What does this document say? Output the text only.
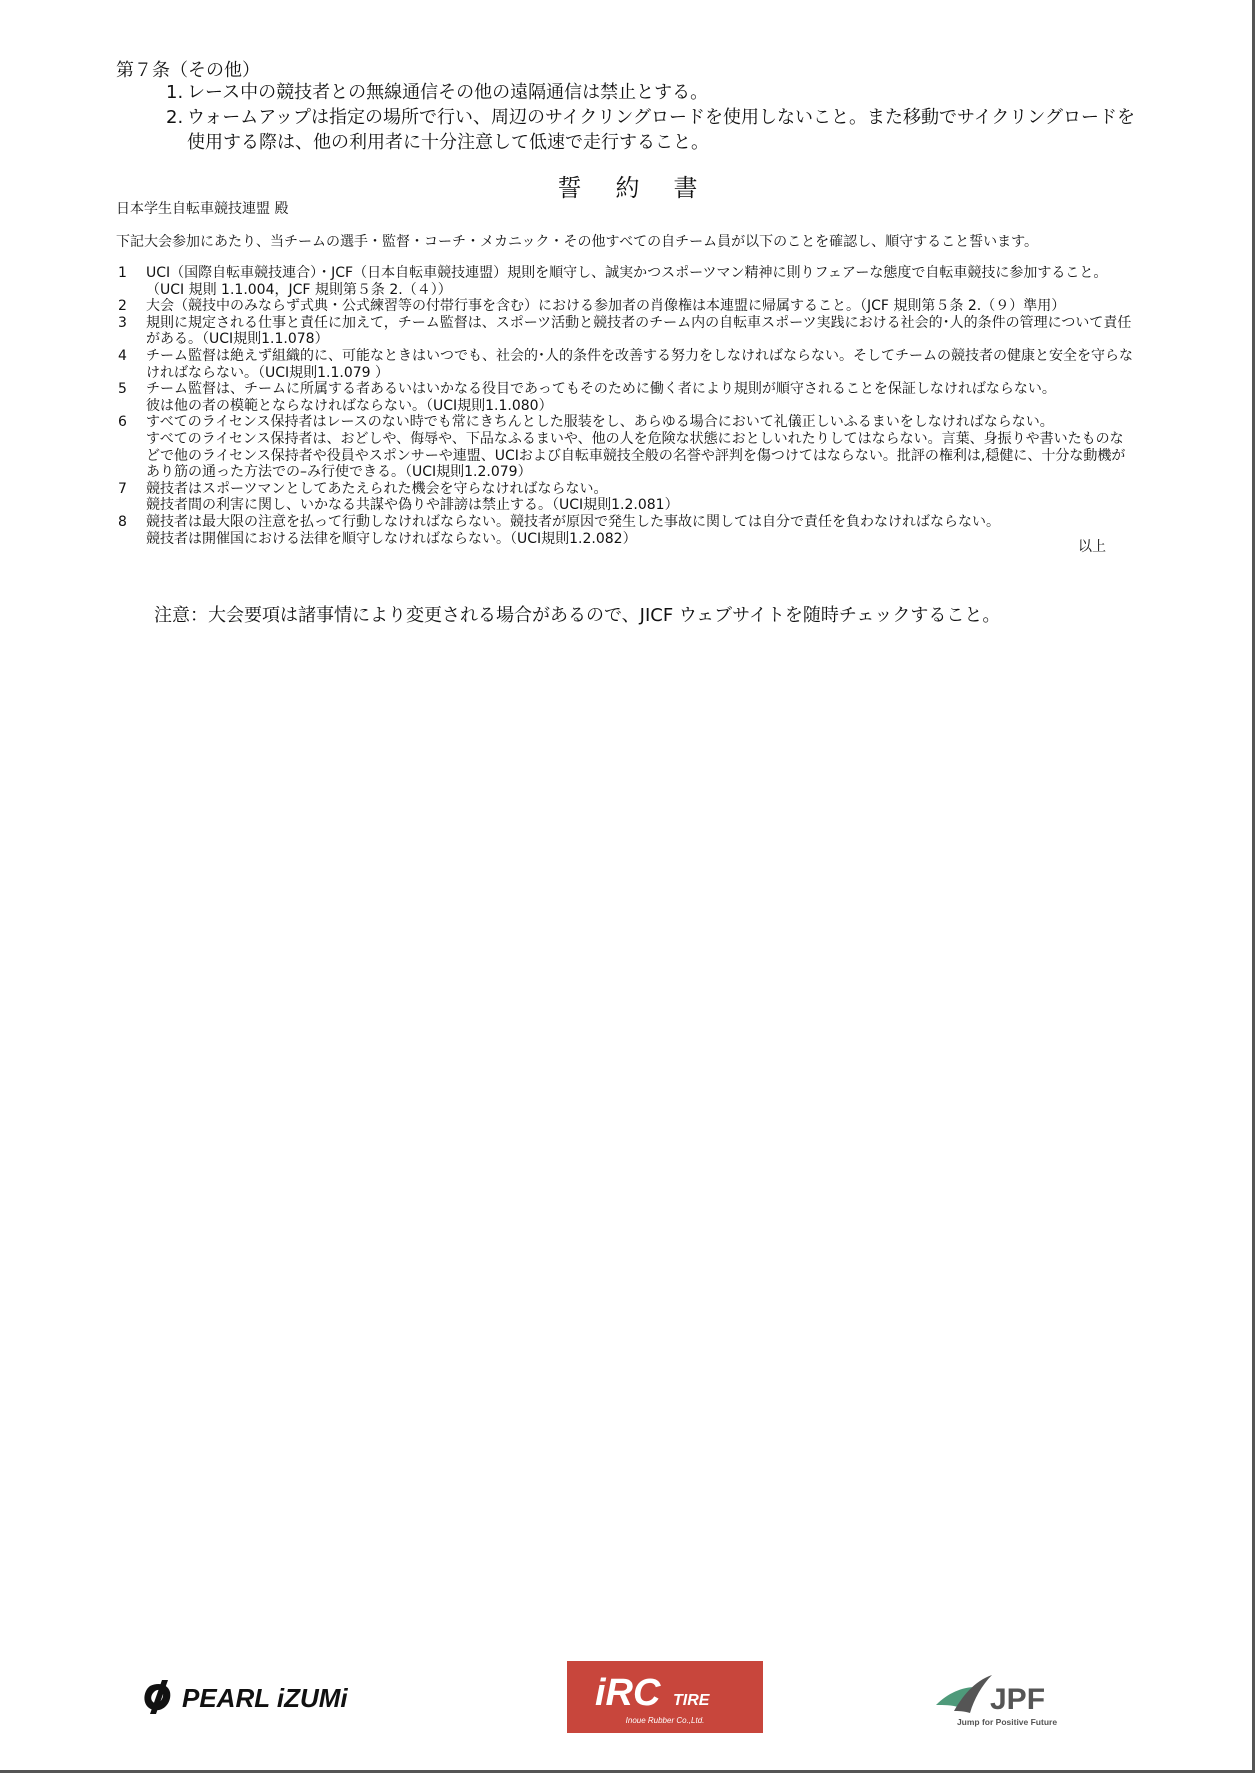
第７条（その他）
1. レース中の競技者との無線通信その他の遠隔通信は禁止とする。
2. ウォームアップは指定の場所で行い、周辺のサイクリングロードを使用しないこと。また移動でサイクリングロードを使用する際は、他の利用者に十分注意して低速で走行すること。
誓約書
日本学生自転車競技連盟 殿
下記大会参加にあたり、当チームの選手・監督・コーチ・メカニック・その他すべての自チーム員が以下のことを確認し、順守すること誓います。
1 UCI（国際自転車競技連合）・JCF（日本自転車競技連盟）規則を順守し、誠実かつスポーツマン精神に則りフェアーな態度で自転車競技に参加すること。（UCI 規則 1.1.004，JCF 規則第５条 2.（４））
2 大会（競技中のみならず式典・公式練習等の付帯行事を含む）における参加者の肖像権は本連盟に帰属すること。（JCF 規則第５条 2.（９）準用）
3 規則に規定される仕事と責任に加えて，チーム監督は、スポーツ活動と競技者のチーム内の自転車スポーツ実践における社会的･人的条件の管理について責任がある。（UCI規則1.1.078）
4 チーム監督は絶えず組織的に、可能なときはいつでも、社会的･人的条件を改善する努力をしなければならない。そしてチームの競技者の健康と安全を守らなければならない。（UCI規則1.1.079 ）
5 チーム監督は、チームに所属する者あるいはいかなる役目であってもそのために働く者により規則が順守されることを保証しなければならない。
彼は他の者の模範とならなければならない。（UCI規則1.1.080）
6 すべてのライセンス保持者はレースのない時でも常にきちんとした服装をし、あらゆる場合において礼儀正しいふるまいをしなければならない。
すべてのライセンス保持者は、おどしや、侮辱や、下品なふるまいや、他の人を危険な状態におとしいれたりしてはならない。言葉、身振りや書いたものなどで他のライセンス保持者や役員やスポンサーや連盟、UCIおよび自転車競技全般の名誉や評判を傷つけてはならない。批評の権利は,穏健に、十分な動機があり筋の通った方法での–み行使できる。（UCI規則1.2.079）
7 競技者はスポーツマンとしてあたえられた機会を守らなければならない。
競技者間の利害に関し、いかなる共謀や偽りや誹謗は禁止する。（UCI規則1.2.081）
8 競技者は最大限の注意を払って行動しなければならない。競技者が原因で発生した事故に関しては自分で責任を負わなければならない。
競技者は開催国における法律を順守しなければならない。（UCI規則1.2.082）
以上
注意：大会要項は諸事情により変更される場合があるので、JICF ウェブサイトを随時チェックすること。
PEARL iZUMi	iRC TIRE
Inoue Rubber Co.,Ltd.
JPF
Jump for Positive Future
